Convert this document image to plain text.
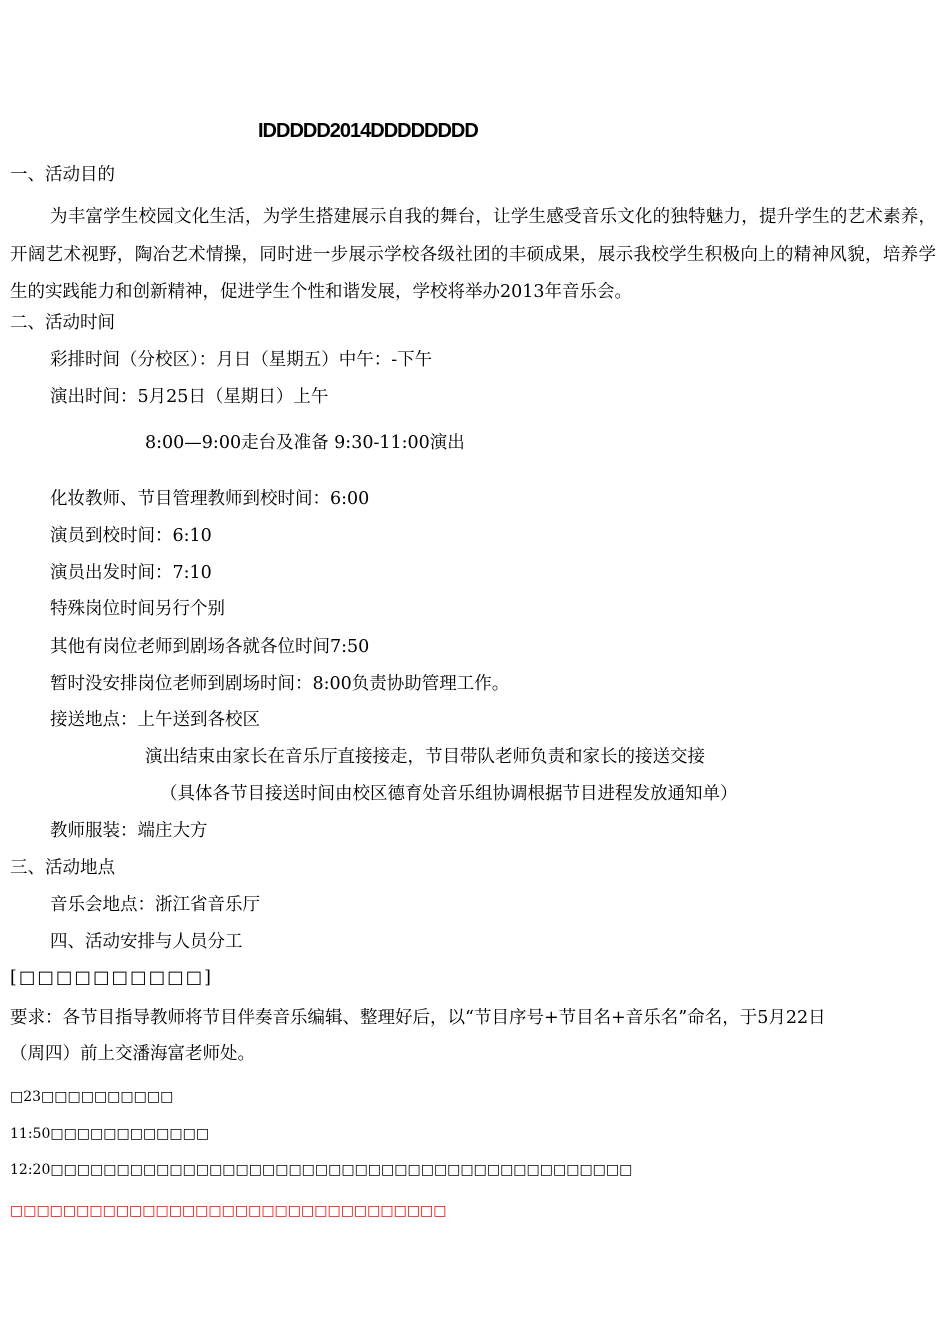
IDDDDD2014DDDDDDDD
一、活动目的
为丰富学生校园文化生活，为学生搭建展示自我的舞台，让学生感受音乐文化的独特魅力，提升学生的艺术素养，开阔艺术视野，陶冶艺术情操，同时进一步展示学校各级社团的丰硕成果，展示我校学生积极向上的精神风貌，培养学生的实践能力和创新精神，促进学生个性和谐发展，学校将举办2013年音乐会。
二、活动时间
彩排时间（分校区）：月日（星期五）中午：-下午
演出时间：5月25日（星期日）上午
8:00—9:00走台及准备 9:30-11:00演出
化妆教师、节目管理教师到校时间：6:00
演员到校时间：6:10
演员出发时间：7:10
特殊岗位时间另行个别
其他有岗位老师到剧场各就各位时间7:50
暂时没安排岗位老师到剧场时间：8:00负责协助管理工作。
接送地点：上午送到各校区
演出结束由家长在音乐厅直接接走，节目带队老师负责和家长的接送交接
（具体各节目接送时间由校区德育处音乐组协调根据节目进程发放通知单）
教师服装：端庄大方
三、活动地点
音乐会地点：浙江省音乐厅
四、活动安排与人员分工
[□□□□□□□□□□]
要求：各节目指导教师将节目伴奏音乐编辑、整理好后，以“节目序号+节目名+音乐名”命名，于5月22日
（周四）前上交潘海富老师处。
□23□□□□□□□□□□
11:50□□□□□□□□□□□□
12:20□□□□□□□□□□□□□□□□□□□□□□□□□□□□□□□□□□□□□□□□□□□□
□□□□□□□□□□□□□□□□□□□□□□□□□□□□□□□□□
